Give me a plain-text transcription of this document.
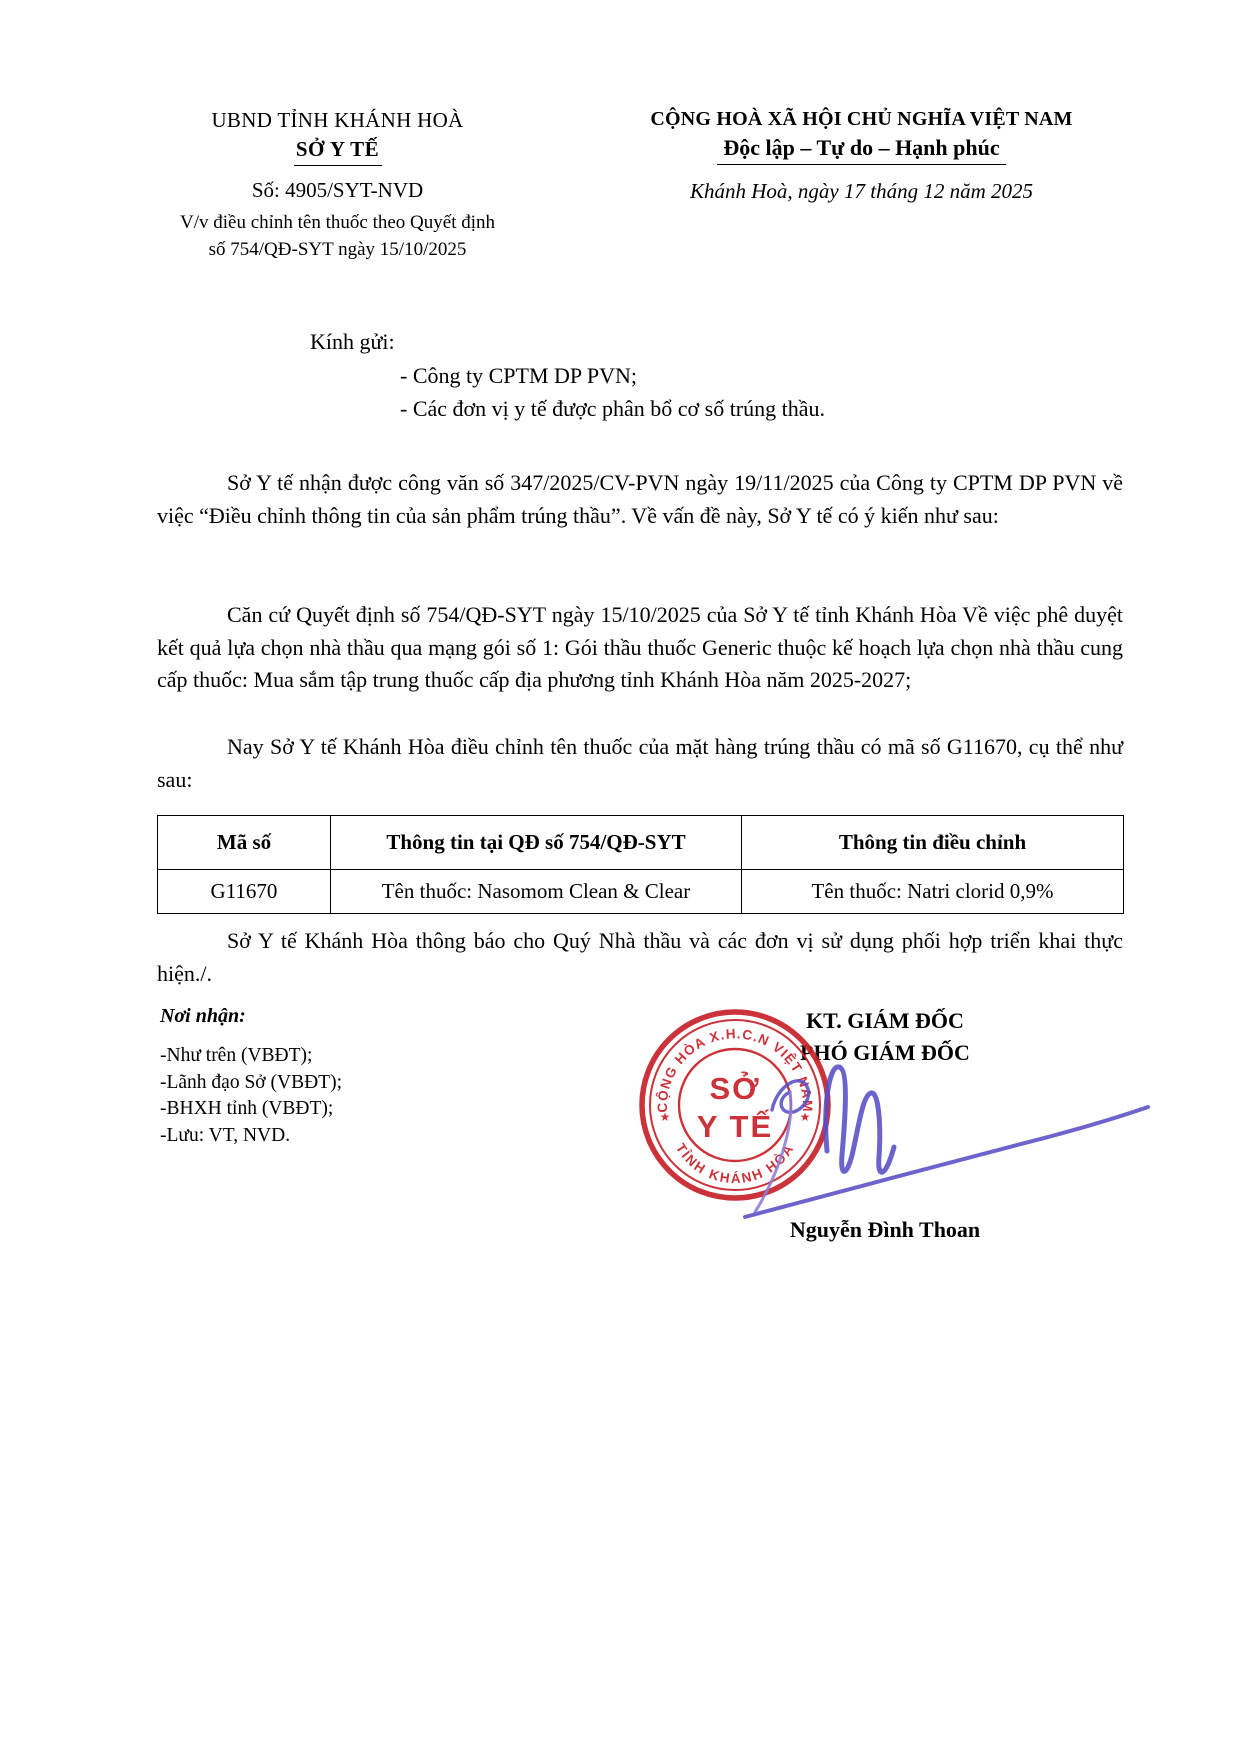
UBND TỈNH KHÁNH HOÀ
SỞ Y TẾ
Số: 4905/SYT-NVD
V/v điều chỉnh tên thuốc theo Quyết định
số 754/QĐ-SYT ngày 15/10/2025
CỘNG HOÀ XÃ HỘI CHỦ NGHĨA VIỆT NAM
Độc lập – Tự do – Hạnh phúc
Khánh Hoà, ngày 17 tháng 12 năm 2025
Kính gửi:
- Công ty CPTM DP PVN;
- Các đơn vị y tế được phân bổ cơ số trúng thầu.
Sở Y tế nhận được công văn số 347/2025/CV-PVN ngày 19/11/2025 của Công ty CPTM DP PVN về việc “Điều chỉnh thông tin của sản phẩm trúng thầu”. Về vấn đề này, Sở Y tế có ý kiến như sau:
Căn cứ Quyết định số 754/QĐ-SYT ngày 15/10/2025 của Sở Y tế tỉnh Khánh Hòa Về việc phê duyệt kết quả lựa chọn nhà thầu qua mạng gói số 1: Gói thầu thuốc Generic thuộc kế hoạch lựa chọn nhà thầu cung cấp thuốc: Mua sắm tập trung thuốc cấp địa phương tỉnh Khánh Hòa năm 2025-2027;
Nay Sở Y tế Khánh Hòa điều chỉnh tên thuốc của mặt hàng trúng thầu có mã số G11670, cụ thể như sau:
Mã số	Thông tin tại QĐ số 754/QĐ-SYT	Thông tin điều chỉnh
G11670	Tên thuốc: Nasomom Clean & Clear	Tên thuốc: Natri clorid 0,9%
Sở Y tế Khánh Hòa thông báo cho Quý Nhà thầu và các đơn vị sử dụng phối hợp triển khai thực hiện./.
Nơi nhận:
-Như trên (VBĐT);
-Lãnh đạo Sở (VBĐT);
-BHXH tỉnh (VBĐT);
-Lưu: VT, NVD.
KT. GIÁM ĐỐC
PHÓ GIÁM ĐỐC
CỘNG HÒA X.H.C.N VIỆT NAM
TỈNH KHÁNH HÒA
★	★
SỞ
Y TẾ
Nguyễn Đình Thoan
